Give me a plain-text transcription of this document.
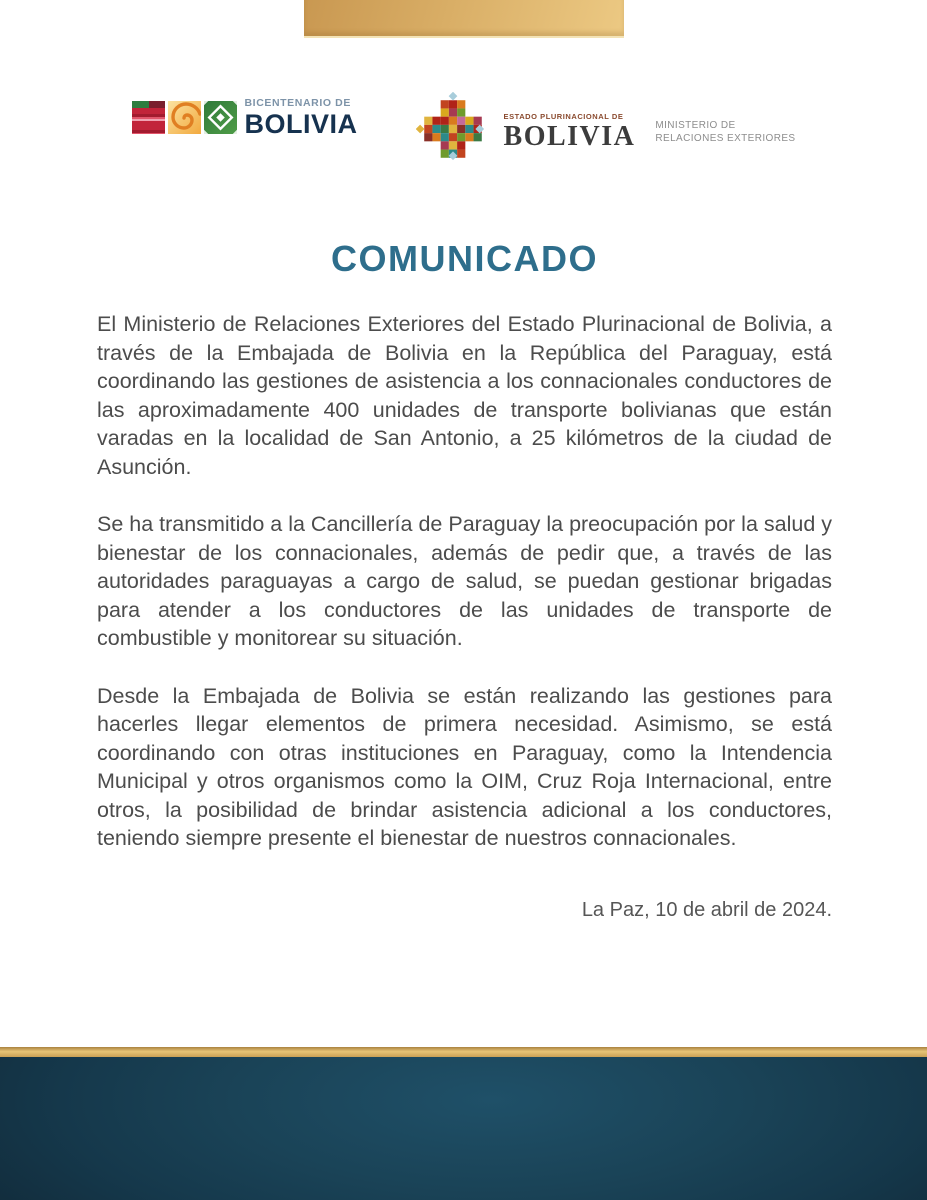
BICENTENARIO DE
BOLIVIA	ESTADO PLURINACIONAL DE
BOLIVIA MINISTERIO DE
RELACIONES EXTERIORES
COMUNICADO

El Ministerio de Relaciones Exteriores del Estado Plurinacional de Bolivia, a través de la Embajada de Bolivia en la República del Paraguay, está coordinando las gestiones de asistencia a los connacionales conductores de las aproximadamente 400 unidades de transporte bolivianas que están varadas en la localidad de San Antonio, a 25 kilómetros de la ciudad de Asunción.

Se ha transmitido a la Cancillería de Paraguay la preocupación por la salud y bienestar de los connacionales, además de pedir que, a través de las autoridades paraguayas a cargo de salud, se puedan gestionar brigadas para atender a los conductores de las unidades de transporte de combustible y monitorear su situación.

Desde la Embajada de Bolivia se están realizando las gestiones para hacerles llegar elementos de primera necesidad. Asimismo, se está coordinando con otras instituciones en Paraguay, como la Intendencia Municipal y otros organismos como la OIM, Cruz Roja Internacional, entre otros, la posibilidad de brindar asistencia adicional a los conductores, teniendo siempre presente el bienestar de nuestros connacionales.

La Paz, 10 de abril de 2024.
